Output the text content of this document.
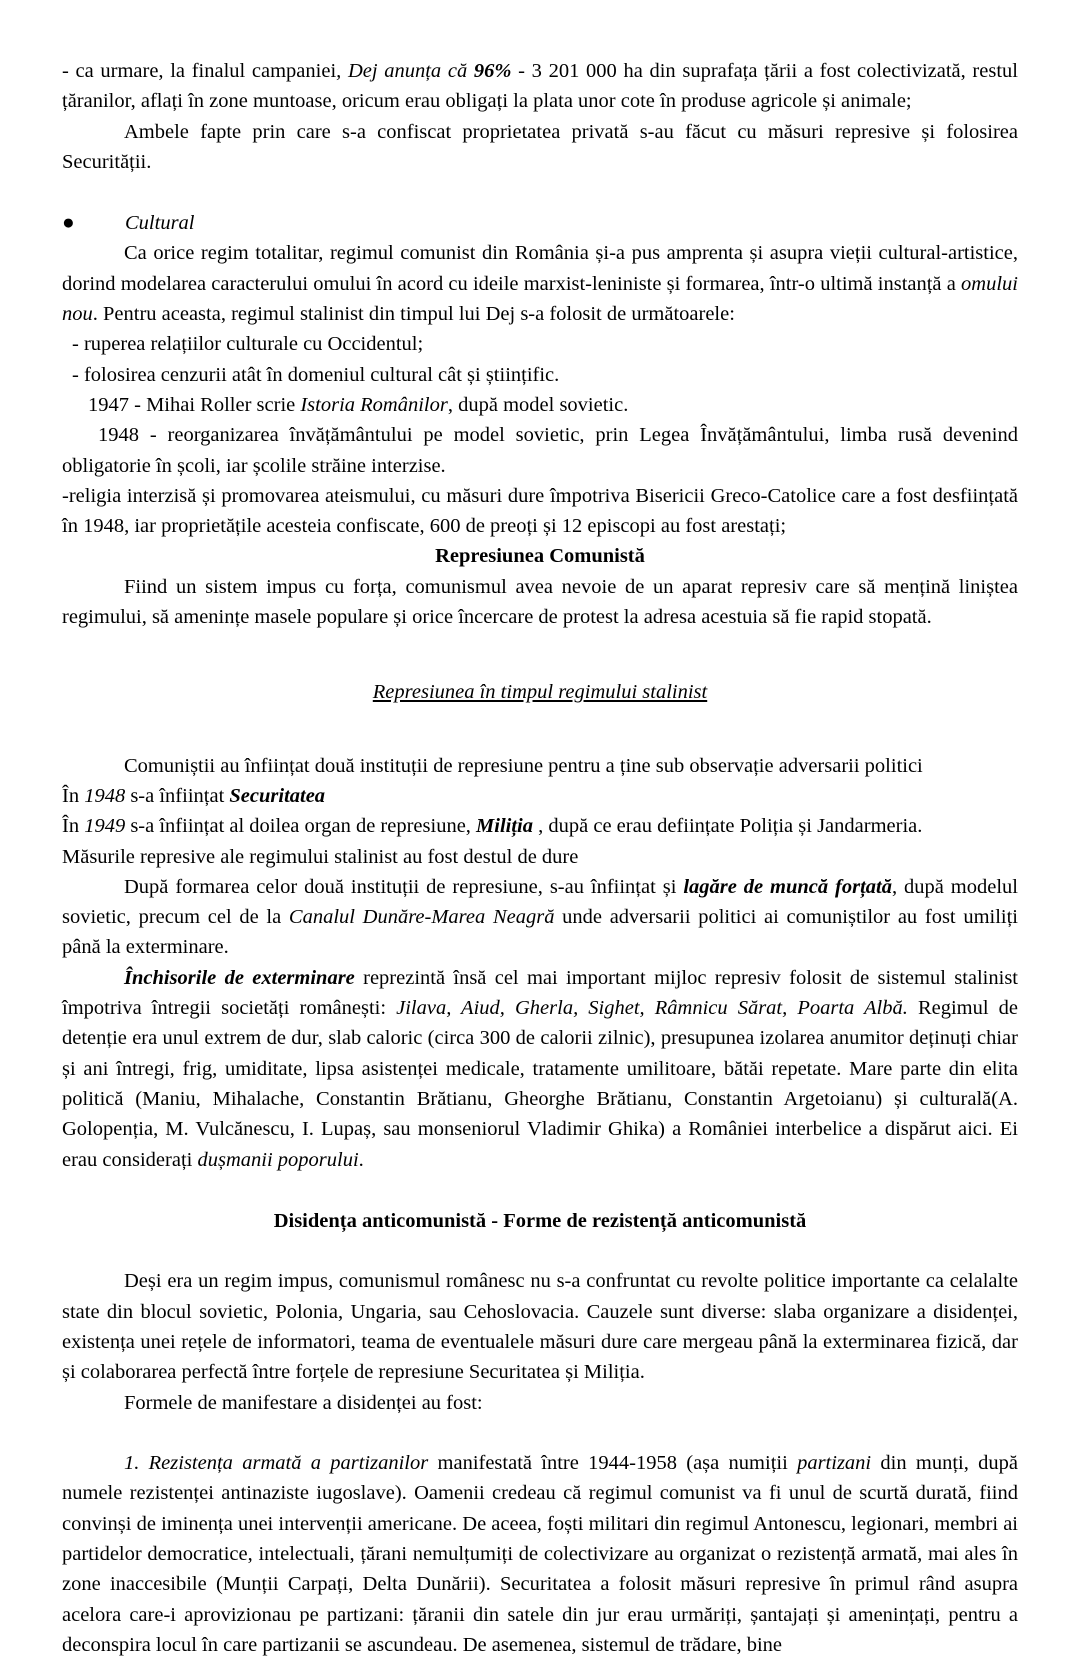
- ca urmare, la finalul campaniei, Dej anunța că 96% - 3 201 000 ha din suprafața țării a fost colectivizată, restul țăranilor, aflați în zone muntoase, oricum erau obligați la plata unor cote în produse agricole și animale;

Ambele fapte prin care s-a confiscat proprietatea privată s-au făcut cu măsuri represive și folosirea Securității.

● Cultural

Ca orice regim totalitar, regimul comunist din România și-a pus amprenta și asupra vieții cultural-artistice, dorind modelarea caracterului omului în acord cu ideile marxist-leniniste și formarea, într-o ultimă instanță a omului nou. Pentru aceasta, regimul stalinist din timpul lui Dej s-a folosit de următoarele:

- ruperea relațiilor culturale cu Occidentul;

- folosirea cenzurii atât în domeniul cultural cât și științific.

1947 - Mihai Roller scrie Istoria Românilor, după model sovietic.

1948 - reorganizarea învățământului pe model sovietic, prin Legea Învățământului, limba rusă devenind obligatorie în școli, iar școlile străine interzise.

-religia interzisă și promovarea ateismului, cu măsuri dure împotriva Bisericii Greco-Catolice care a fost desființată în 1948, iar proprietățile acesteia confiscate, 600 de preoți și 12 episcopi au fost arestați;

Represiunea Comunistă

Fiind un sistem impus cu forța, comunismul avea nevoie de un aparat represiv care să mențină liniștea regimului, să amenințe masele populare și orice încercare de protest la adresa acestuia să fie rapid stopată.

Represiunea în timpul regimului stalinist

Comuniștii au înființat două instituții de represiune pentru a ține sub observație adversarii politici

În 1948 s-a înființat Securitatea

În 1949 s-a înființat al doilea organ de represiune, Miliția , după ce erau deființate Poliția și Jandarmeria.

Măsurile represive ale regimului stalinist au fost destul de dure

După formarea celor două instituții de represiune, s-au înființat și lagăre de muncă forțată, după modelul sovietic, precum cel de la Canalul Dunăre-Marea Neagră unde adversarii politici ai comuniștilor au fost umiliți până la exterminare.

Închisorile de exterminare reprezintă însă cel mai important mijloc represiv folosit de sistemul stalinist împotriva întregii societăți românești: Jilava, Aiud, Gherla, Sighet, Râmnicu Sărat, Poarta Albă. Regimul de detenție era unul extrem de dur, slab caloric (circa 300 de calorii zilnic), presupunea izolarea anumitor deținuți chiar și ani întregi, frig, umiditate, lipsa asistenței medicale, tratamente umilitoare, bătăi repetate. Mare parte din elita politică (Maniu, Mihalache, Constantin Brătianu, Gheorghe Brătianu, Constantin Argetoianu) și culturală(A. Golopenția, M. Vulcănescu, I. Lupaș, sau monseniorul Vladimir Ghika) a României interbelice a dispărut aici. Ei erau considerați dușmanii poporului.

Disidența anticomunistă - Forme de rezistență anticomunistă

Deși era un regim impus, comunismul românesc nu s-a confruntat cu revolte politice importante ca celalalte state din blocul sovietic, Polonia, Ungaria, sau Cehoslovacia. Cauzele sunt diverse: slaba organizare a disidenței, existența unei rețele de informatori, teama de eventualele măsuri dure care mergeau până la exterminarea fizică, dar și colaborarea perfectă între forțele de represiune Securitatea și Miliția.

Formele de manifestare a disidenței au fost:

1. Rezistența armată a partizanilor manifestată între 1944-1958 (așa numiții partizani din munți, după numele rezistenței antinaziste iugoslave). Oamenii credeau că regimul comunist va fi unul de scurtă durată, fiind convinși de iminența unei intervenții americane. De aceea, foști militari din regimul Antonescu, legionari, membri ai partidelor democratice, intelectuali, țărani nemulțumiți de colectivizare au organizat o rezistență armată, mai ales în zone inaccesibile (Munții Carpați, Delta Dunării). Securitatea a folosit măsuri represive în primul rând asupra acelora care-i aprovizionau pe partizani: țăranii din satele din jur erau urmăriți, șantajați și amenințați, pentru a deconspira locul în care partizanii se ascundeau. De asemenea, sistemul de trădare, bine
